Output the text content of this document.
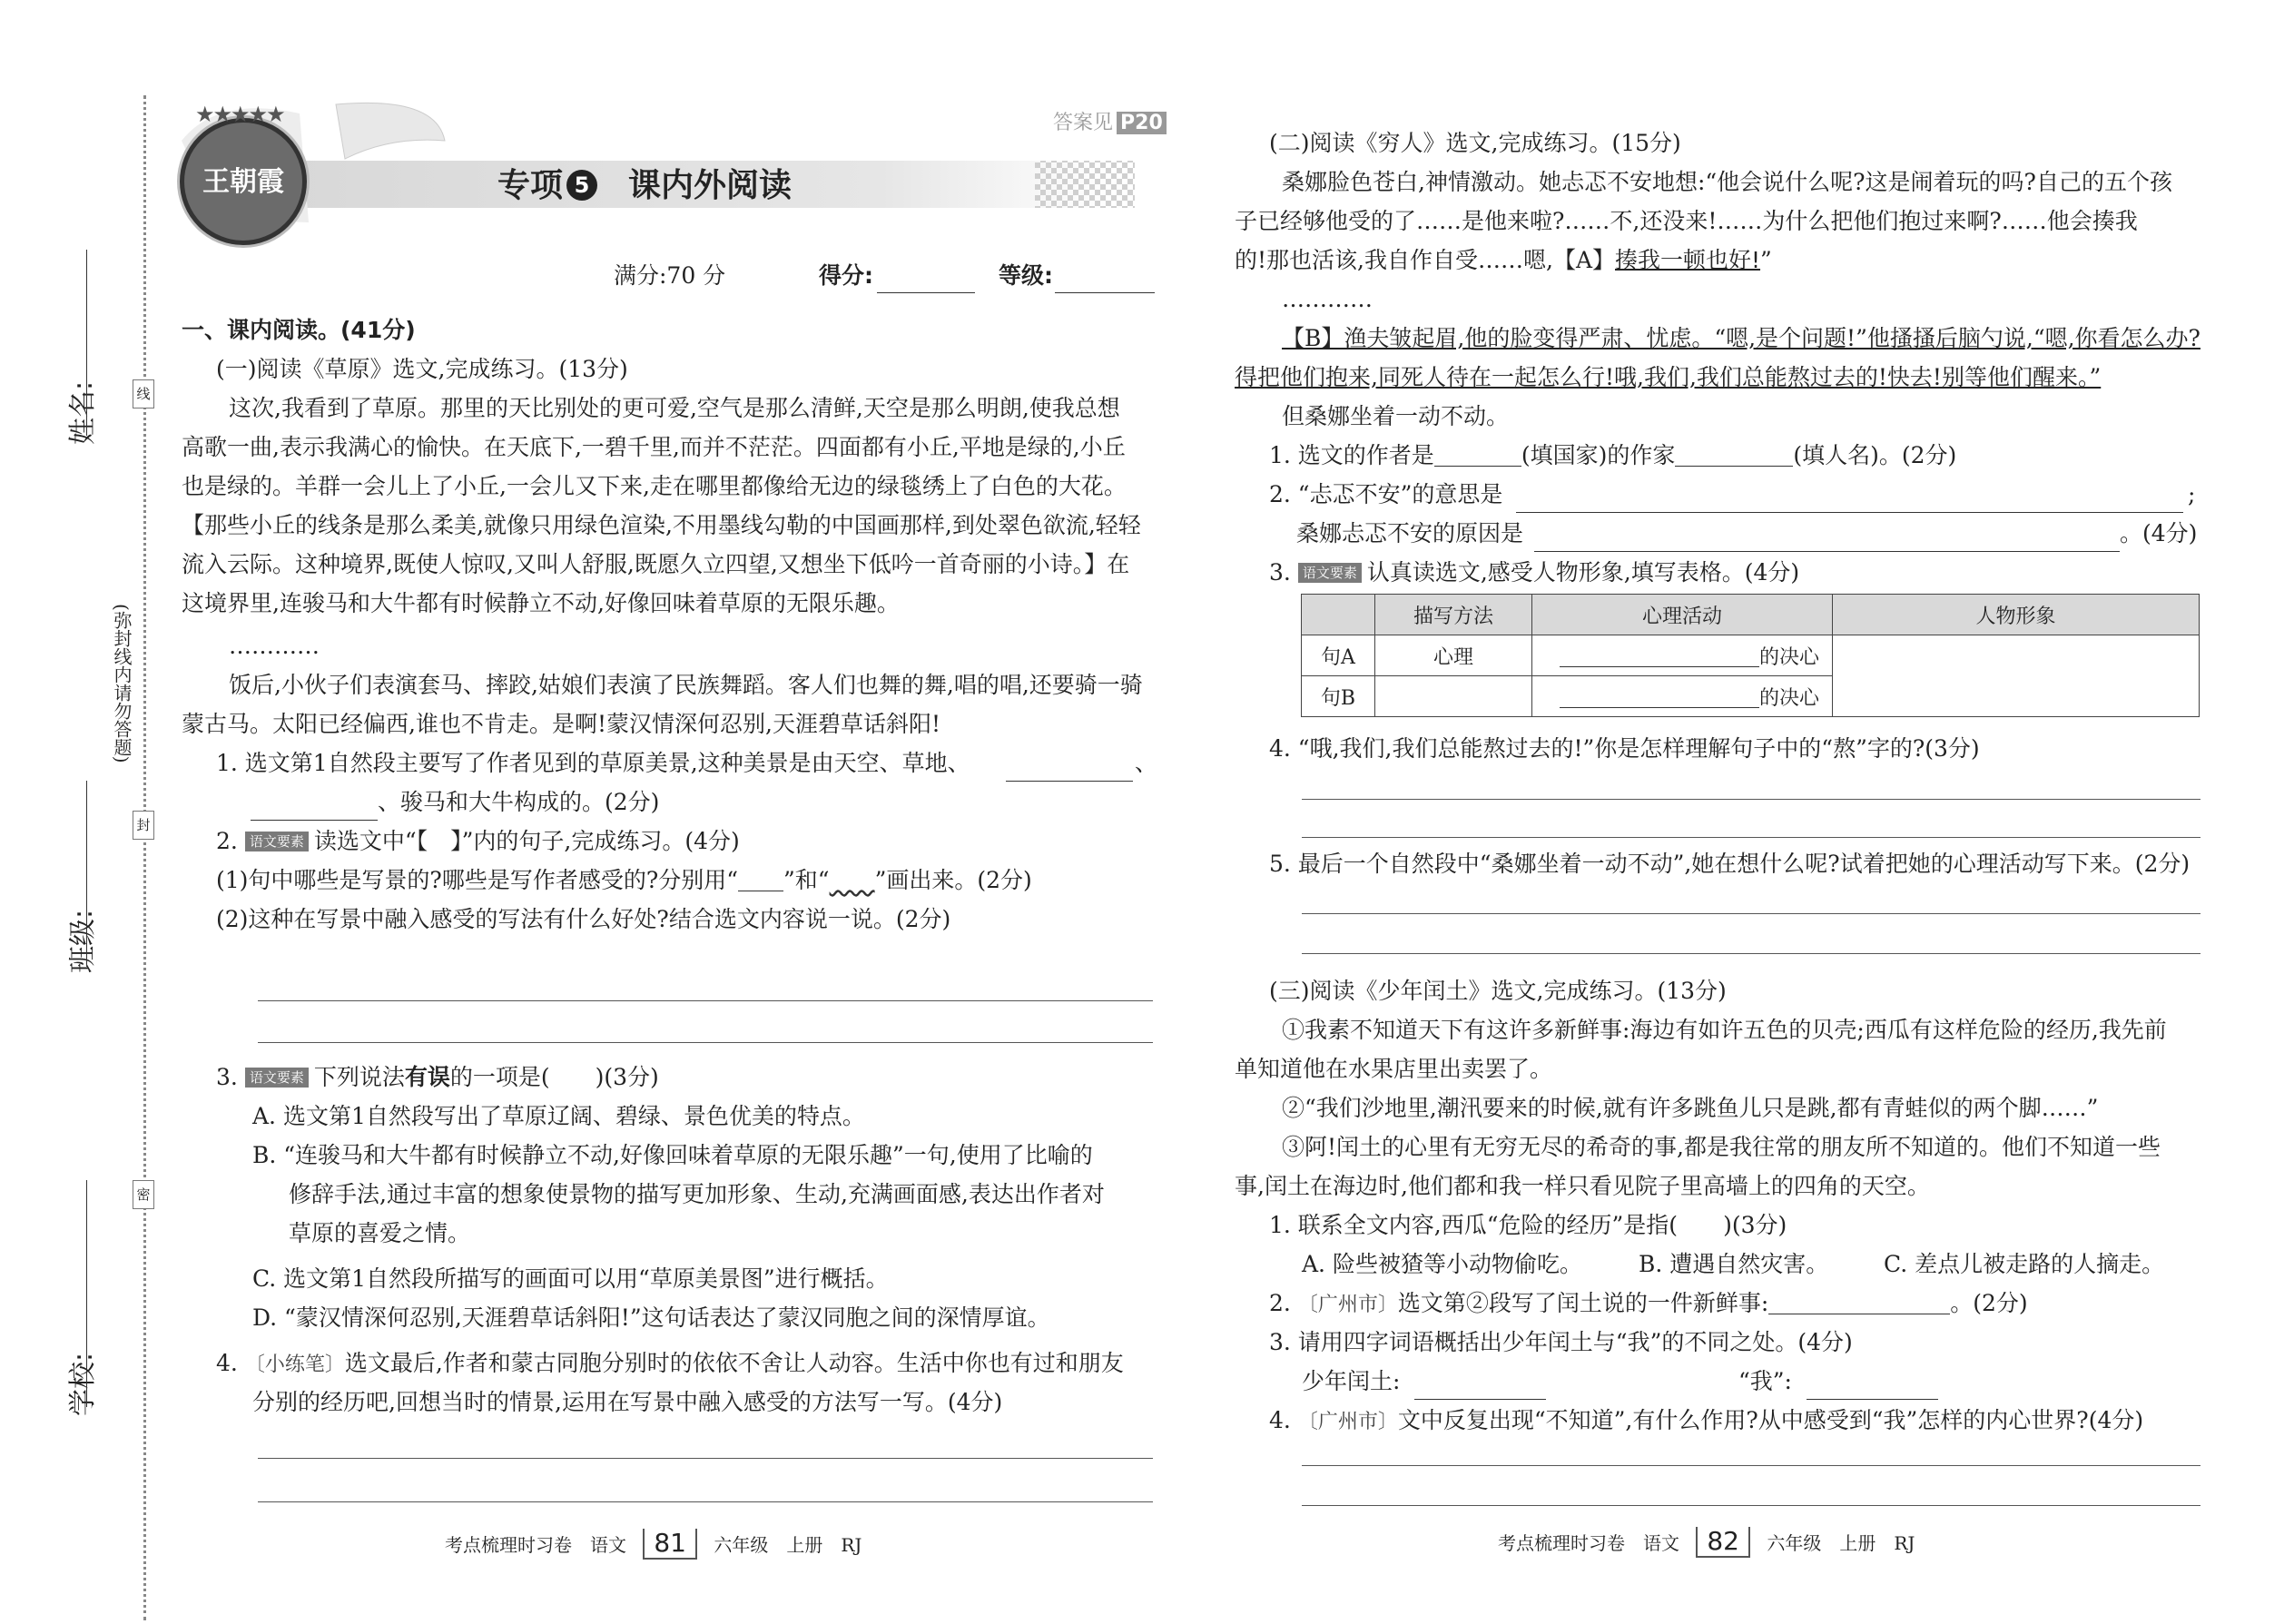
姓名:
班级:
学校:
(弥封线内请勿答题)
线
封
密
王朝霞
★★★★★	答案见 P20
专项 5 课内外阅读
满分:70 分	得分:	等级:
一、课内阅读。(41分)
(一)阅读《草原》选文,完成练习。(13分)
这次,我看到了草原。那里的天比别处的更可爱,空气是那么清鲜,天空是那么明朗,使我总想
高歌一曲,表示我满心的愉快。在天底下,一碧千里,而并不茫茫。四面都有小丘,平地是绿的,小丘
也是绿的。羊群一会儿上了小丘,一会儿又下来,走在哪里都像给无边的绿毯绣上了白色的大花。
【那些小丘的线条是那么柔美,就像只用绿色渲染,不用墨线勾勒的中国画那样,到处翠色欲流,轻轻
流入云际。这种境界,既使人惊叹,又叫人舒服,既愿久立四望,又想坐下低吟一首奇丽的小诗。】在
这境界里,连骏马和大牛都有时候静立不动,好像回味着草原的无限乐趣。
…………
饭后,小伙子们表演套马、摔跤,姑娘们表演了民族舞蹈。客人们也舞的舞,唱的唱,还要骑一骑
蒙古马。太阳已经偏西,谁也不肯走。是啊!蒙汉情深何忍别,天涯碧草话斜阳!
1. 选文第1自然段主要写了作者见到的草原美景,这种美景是由天空、草地、	、
、骏马和大牛构成的。(2分)
2. 语文要素 读选文中“【　】”内的句子,完成练习。(4分)
(1)句中哪些是写景的?哪些是写作者感受的?分别用“ ”和“　　 ”画出来。(2分)
(2)这种在写景中融入感受的写法有什么好处?结合选文内容说一说。(2分)
3. 语文要素 下列说法有误的一项是(　　)(3分)
A. 选文第1自然段写出了草原辽阔、碧绿、景色优美的特点。
B. “连骏马和大牛都有时候静立不动,好像回味着草原的无限乐趣”一句,使用了比喻的
修辞手法,通过丰富的想象使景物的描写更加形象、生动,充满画面感,表达出作者对
草原的喜爱之情。
C. 选文第1自然段所描写的画面可以用“草原美景图”进行概括。
D. “蒙汉情深何忍别,天涯碧草话斜阳!”这句话表达了蒙汉同胞之间的深情厚谊。
4. 〔小练笔〕选文最后,作者和蒙古同胞分别时的依依不舍让人动容。生活中你也有过和朋友
分别的经历吧,回想当时的情景,运用在写景中融入感受的方法写一写。(4分)
考点梳理时习卷　语文 81 六年级　上册　RJ
(二)阅读《穷人》选文,完成练习。(15分)
桑娜脸色苍白,神情激动。她忐忑不安地想:“他会说什么呢?这是闹着玩的吗?自己的五个孩
子已经够他受的了……是他来啦?……不,还没来!……为什么把他们抱过来啊?……他会揍我
的!那也活该,我自作自受……嗯,【A】揍我一顿也好!”
…………
【B】渔夫皱起眉,他的脸变得严肃、忧虑。“嗯,是个问题!”他搔搔后脑勺说,“嗯,你看怎么办?
得把他们抱来,同死人待在一起怎么行!哦,我们,我们总能熬过去的!快去!别等他们醒来。”
但桑娜坐着一动不动。
1. 选文的作者是	(填国家)的作家	(填人名)。(2分)
2. “忐忑不安”的意思是	;
桑娜忐忑不安的原因是	。(4分)
3. 语文要素 认真读选文,感受人物形象,填写表格。(4分)
	描写方法	心理活动	人物形象
句A	心理	的决心	
句B		的决心	
4. “哦,我们,我们总能熬过去的!”你是怎样理解句子中的“熬”字的?(3分)
5. 最后一个自然段中“桑娜坐着一动不动”,她在想什么呢?试着把她的心理活动写下来。(2分)
(三)阅读《少年闰土》选文,完成练习。(13分)
①我素不知道天下有这许多新鲜事:海边有如许五色的贝壳;西瓜有这样危险的经历,我先前
单知道他在水果店里出卖罢了。
②“我们沙地里,潮汛要来的时候,就有许多跳鱼儿只是跳,都有青蛙似的两个脚……”
③阿!闰土的心里有无穷无尽的希奇的事,都是我往常的朋友所不知道的。他们不知道一些
事,闰土在海边时,他们都和我一样只看见院子里高墙上的四角的天空。
1. 联系全文内容,西瓜“危险的经历”是指(　　)(3分)
A. 险些被猹等小动物偷吃。 B. 遭遇自然灾害。 C. 差点儿被走路的人摘走。
2. 〔广州市〕选文第②段写了闰土说的一件新鲜事:	。(2分)
3. 请用四字词语概括出少年闰土与“我”的不同之处。(4分)
少年闰土:	“我”:
4. 〔广州市〕文中反复出现“不知道”,有什么作用?从中感受到“我”怎样的内心世界?(4分)
考点梳理时习卷　语文 82 六年级　上册　RJ
